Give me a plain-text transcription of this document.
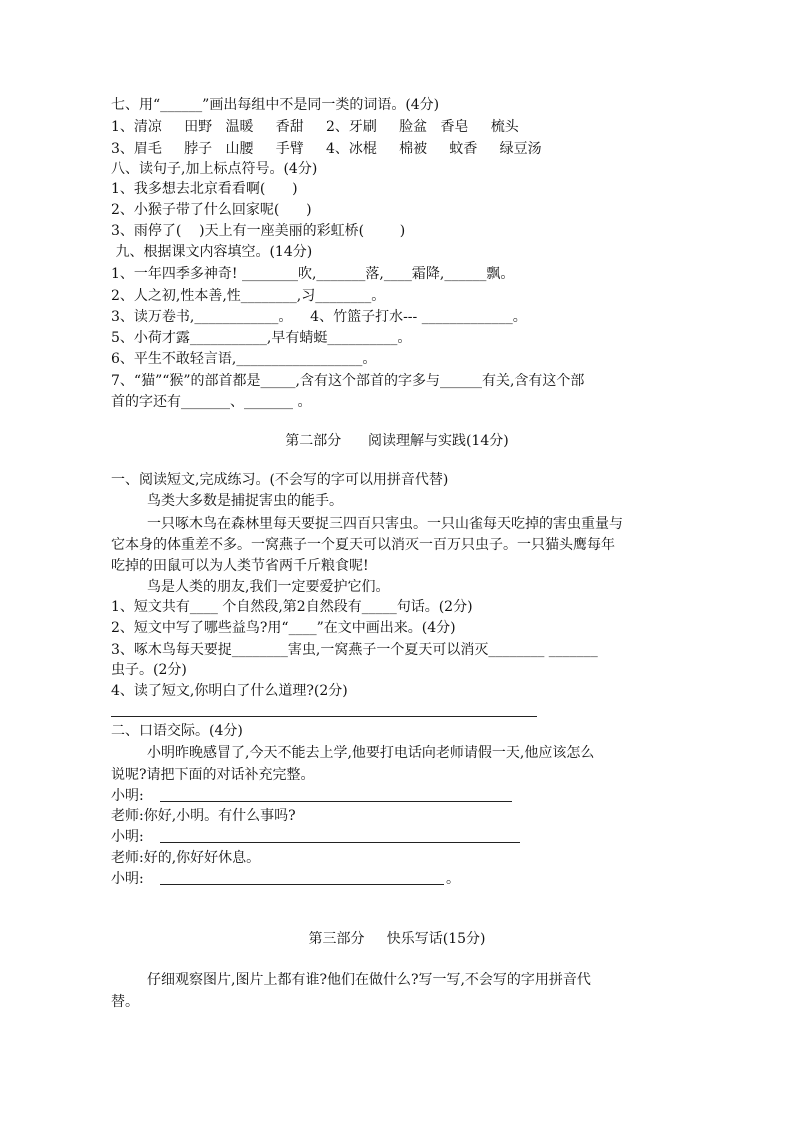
七、用“______”画出每组中不是同一类的词语。(4分)
1、清凉     田野   温暖     香甜     2、牙刷     脸盆   香皂     梳头
3、眉毛     脖子   山腰     手臂     4、冰棍     棉被     蚊香     绿豆汤
八、读句子,加上标点符号。(4分)
1、我多想去北京看看啊(      )
2、小猴子带了什么回家呢(      )
3、雨停了(    )天上有一座美丽的彩虹桥(        )
九、根据课文内容填空。(14分)
1、一年四季多神奇! ________吹,_______落,____霜降,______飘。
2、人之初,性本善,性________,习________。
3、读万卷书,____________。    4、竹篮子打水--- _____________。
5、小荷才露___________,早有蜻蜓__________。
6、平生不敢轻言语,__________________。
7、“猫”“猴”的部首都是_____,含有这个部首的字多与______有关,含有这个部
首的字还有_______、_______ 。
第二部分      阅读理解与实践(14分)
一、阅读短文,完成练习。(不会写的字可以用拼音代替)
鸟类大多数是捕捉害虫的能手。
一只啄木鸟在森林里每天要捉三四百只害虫。一只山雀每天吃掉的害虫重量与
它本身的体重差不多。一窝燕子一个夏天可以消灭一百万只虫子。一只猫头鹰每年
吃掉的田鼠可以为人类节省两千斤粮食呢!
鸟是人类的朋友,我们一定要爱护它们。
1、短文共有____ 个自然段,第2自然段有_____句话。(2分)
2、短文中写了哪些益鸟?用“____”在文中画出来。(4分)
3、啄木鸟每天要捉________害虫,一窝燕子一个夏天可以消灭________ _______
虫子。(2分)
4、读了短文,你明白了什么道理?(2分)
二、口语交际。(4分)
小明昨晚感冒了,今天不能去上学,他要打电话向老师请假一天,他应该怎么
说呢?请把下面的对话补充完整。
小明:
老师:你好,小明。有什么事吗?
小明:
老师:好的,你好好休息。
小明:	。
第三部分     快乐写话(15分)
仔细观察图片,图片上都有谁?他们在做什么?写一写,不会写的字用拼音代
替。
